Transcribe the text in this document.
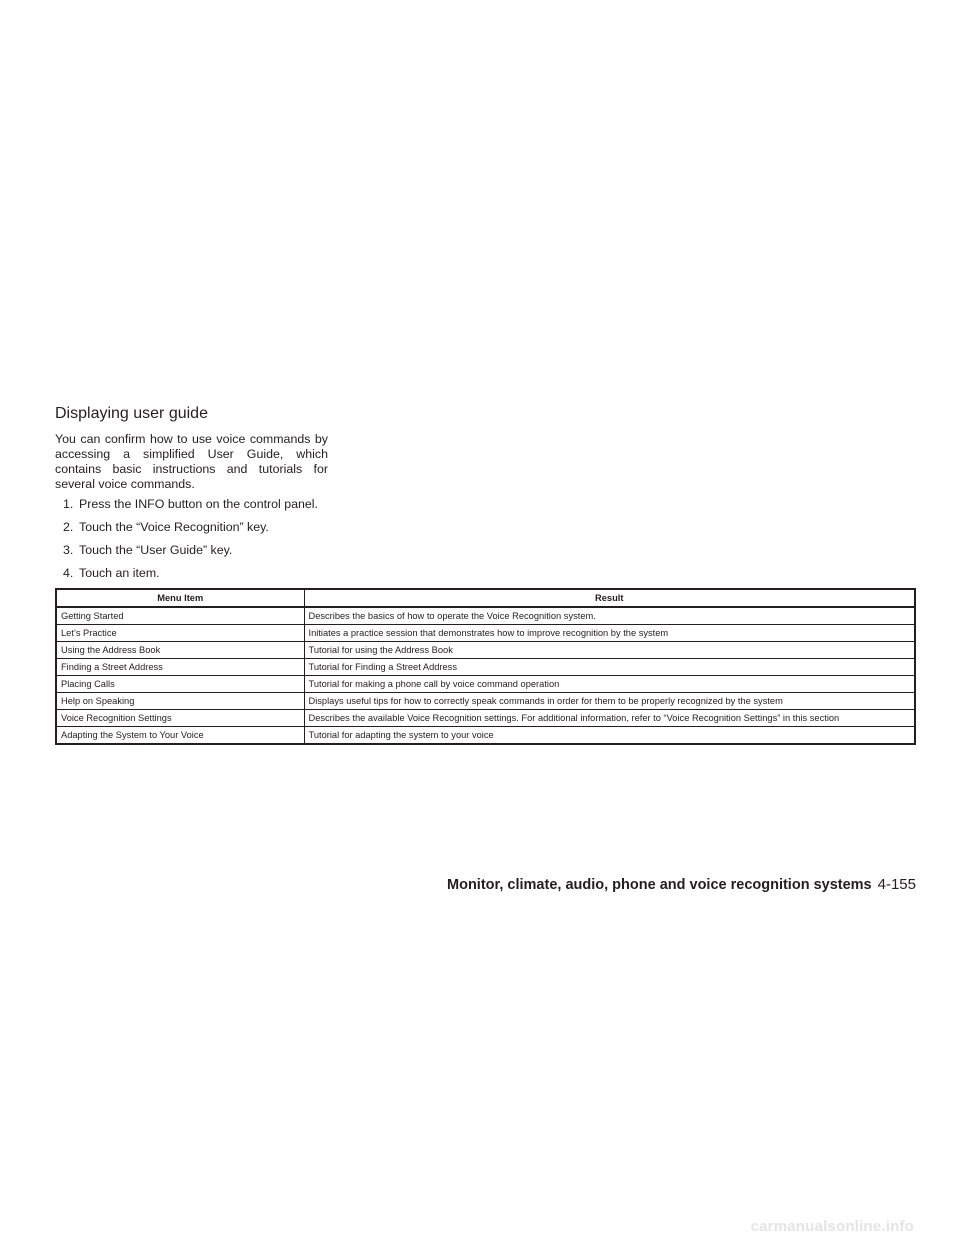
Displaying user guide

You can confirm how to use voice commands by accessing a simplified User Guide, which contains basic instructions and tutorials for several voice commands.

1. Press the INFO button on the control panel.
2. Touch the “Voice Recognition” key.
3. Touch the “User Guide” key.
4. Touch an item.
Menu Item	Result
Getting Started	Describes the basics of how to operate the Voice Recognition system.
Let’s Practice	Initiates a practice session that demonstrates how to improve recognition by the system
Using the Address Book	Tutorial for using the Address Book
Finding a Street Address	Tutorial for Finding a Street Address
Placing Calls	Tutorial for making a phone call by voice command operation
Help on Speaking	Displays useful tips for how to correctly speak commands in order for them to be properly recognized by the system
Voice Recognition Settings	Describes the available Voice Recognition settings. For additional information, refer to “Voice Recognition Settings” in this section
Adapting the System to Your Voice	Tutorial for adapting the system to your voice

Monitor, climate, audio, phone and voice recognition systems 4-155

carmanualsonline.info
